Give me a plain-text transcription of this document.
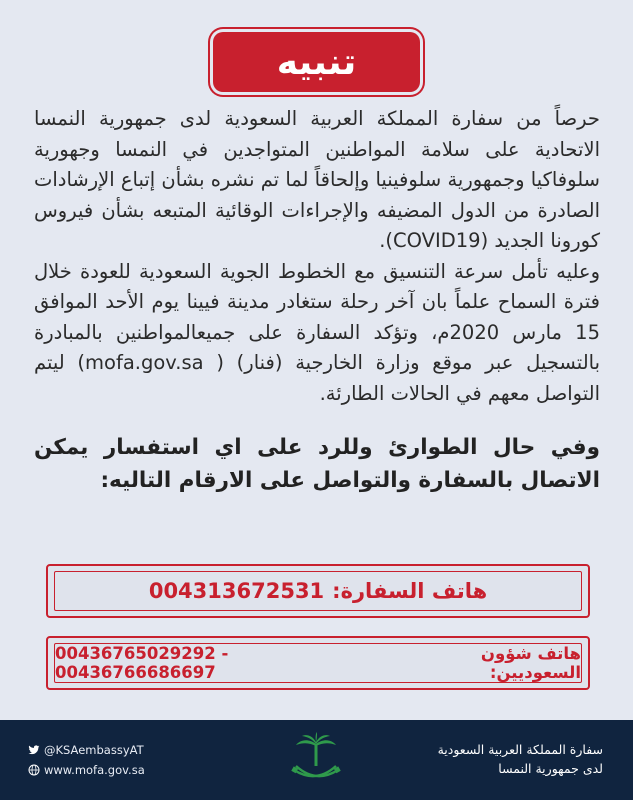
تنبيه

حرصاً من سفارة المملكة العربية السعودية لدى جمهورية النمسا الاتحادية على سلامة المواطنين المتواجدين في النمسا وجهورية سلوفاكيا وجمهورية سلوفينيا وإلحاقاً لما تم نشره بشأن إتباع الإرشادات الصادرة من الدول المضيفه والإجراءات الوقائية المتبعه بشأن فيروس كورونا الجديد (COVID19).

وعليه تأمل سرعة التنسيق مع الخطوط الجوية السعودية للعودة خلال فترة السماح علماً بان آخر رحلة ستغادر مدينة فيينا يوم الأحد الموافق 15 مارس 2020م، وتؤكد السفارة على جميعالمواطنين بالمبادرة بالتسجيل عبر موقع وزارة الخارجية (فنار) ( mofa.gov.sa) ليتم التواصل معهم في الحالات الطارئة.

وفي حال الطوارئ وللرد على اي استفسار يمكن الاتصال بالسفارة والتواصل على الارقام التاليه:
هاتف السفارة:
004313672531
هاتف شؤون السعوديين:
00436765029292 - 00436766686697
@KSAembassyAT
www.mofa.gov.sa
سفارة المملكة العربية السعودية
لدى جمهورية النمسا
